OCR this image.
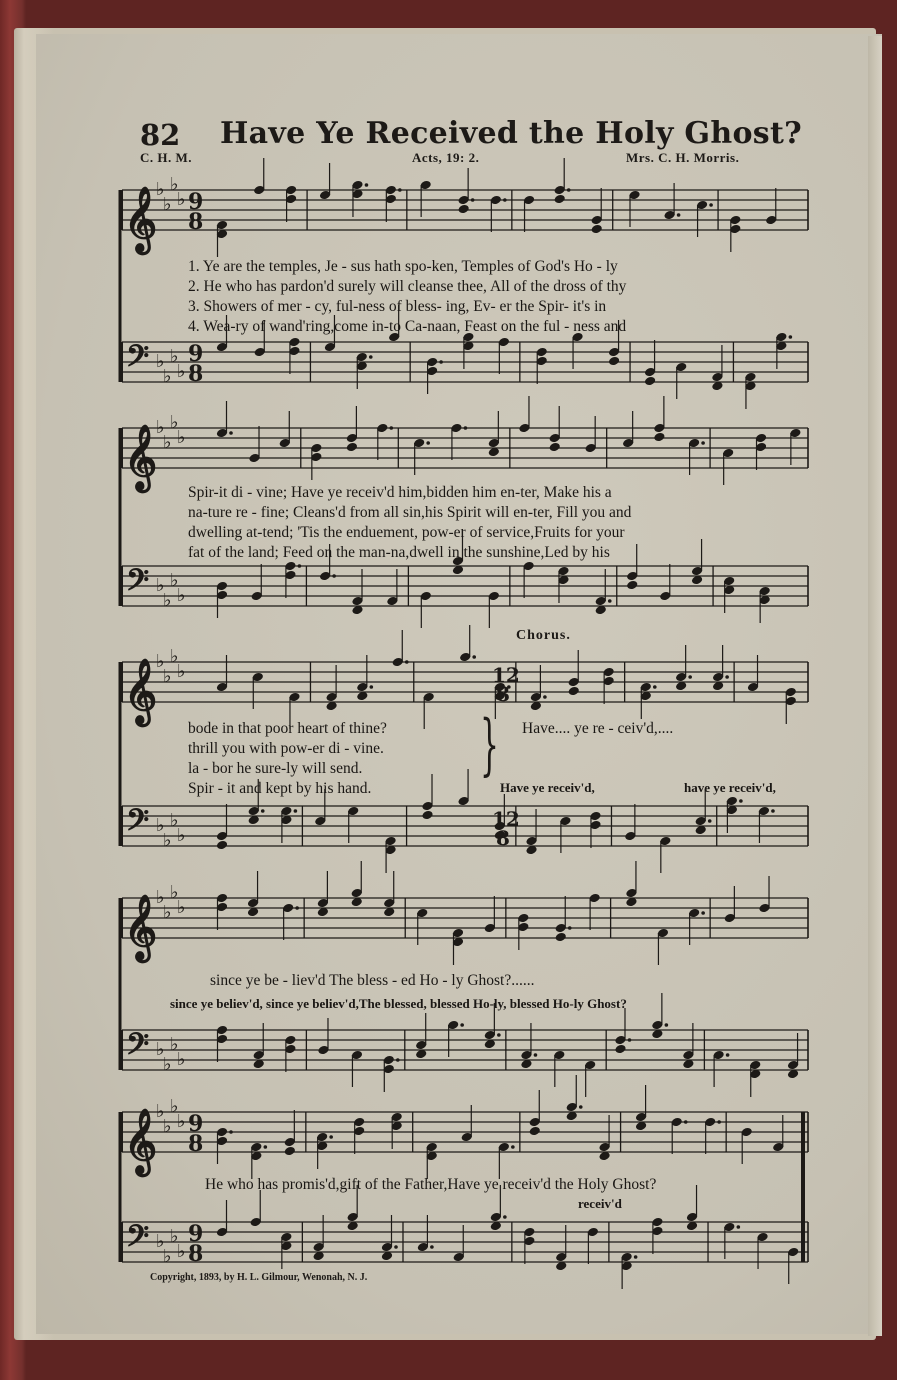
82 Have Ye Received the Holy Ghost?
C. H. M.	Acts, 19: 2.	Mrs. C. H. Morris.
𝄞
♭
♭
♭
♭ 9
8
𝄢 ♭
♭
♭
♭
9
8
𝄞
♭
♭
♭
♭
𝄢 ♭
♭
♭
♭
𝄞
♭
♭
♭
♭
𝄢 ♭
♭
♭
♭
𝄞
♭
♭
♭
♭
𝄢 ♭
♭
♭
♭
𝄞
♭
♭
♭
♭ 9
8
𝄢 ♭
♭
♭
♭
9
8
12
8
12
8
1. Ye are the temples, Je - sus hath spo-ken, Temples of God's Ho - ly
2. He who has pardon'd surely will cleanse thee, All of the dross of thy
3. Showers of mer - cy, ful-ness of bless- ing, Ev- er the Spir- it's in
4. Wea-ry of wand'ring,come in-to Ca-naan, Feast on the ful - ness and
Spir-it di - vine; Have ye receiv'd him,bidden him en-ter, Make his a
na-ture re - fine; Cleans'd from all sin,his Spirit will en-ter, Fill you and
dwelling at-tend; 'Tis the enduement, pow-er of service,Fruits for your
fat of the land; Feed on the man-na,dwell in the sunshine,Led by his
Chorus.
bode in that poor heart of thine?
thrill you with pow-er di - vine.
la - bor he sure-ly will send.
Spir - it and kept by his hand.
} Have.... ye re - ceiv'd,....
Have ye receiv'd,	have ye receiv'd,
since ye be - liev'd The bless - ed Ho - ly Ghost?......
since ye believ'd, since ye believ'd,The blessed, blessed Ho-ly, blessed Ho-ly Ghost?
He who has promis'd,gift of the Father,Have ye receiv'd the Holy Ghost?
receiv'd
Copyright, 1893, by H. L. Gilmour, Wenonah, N. J.
